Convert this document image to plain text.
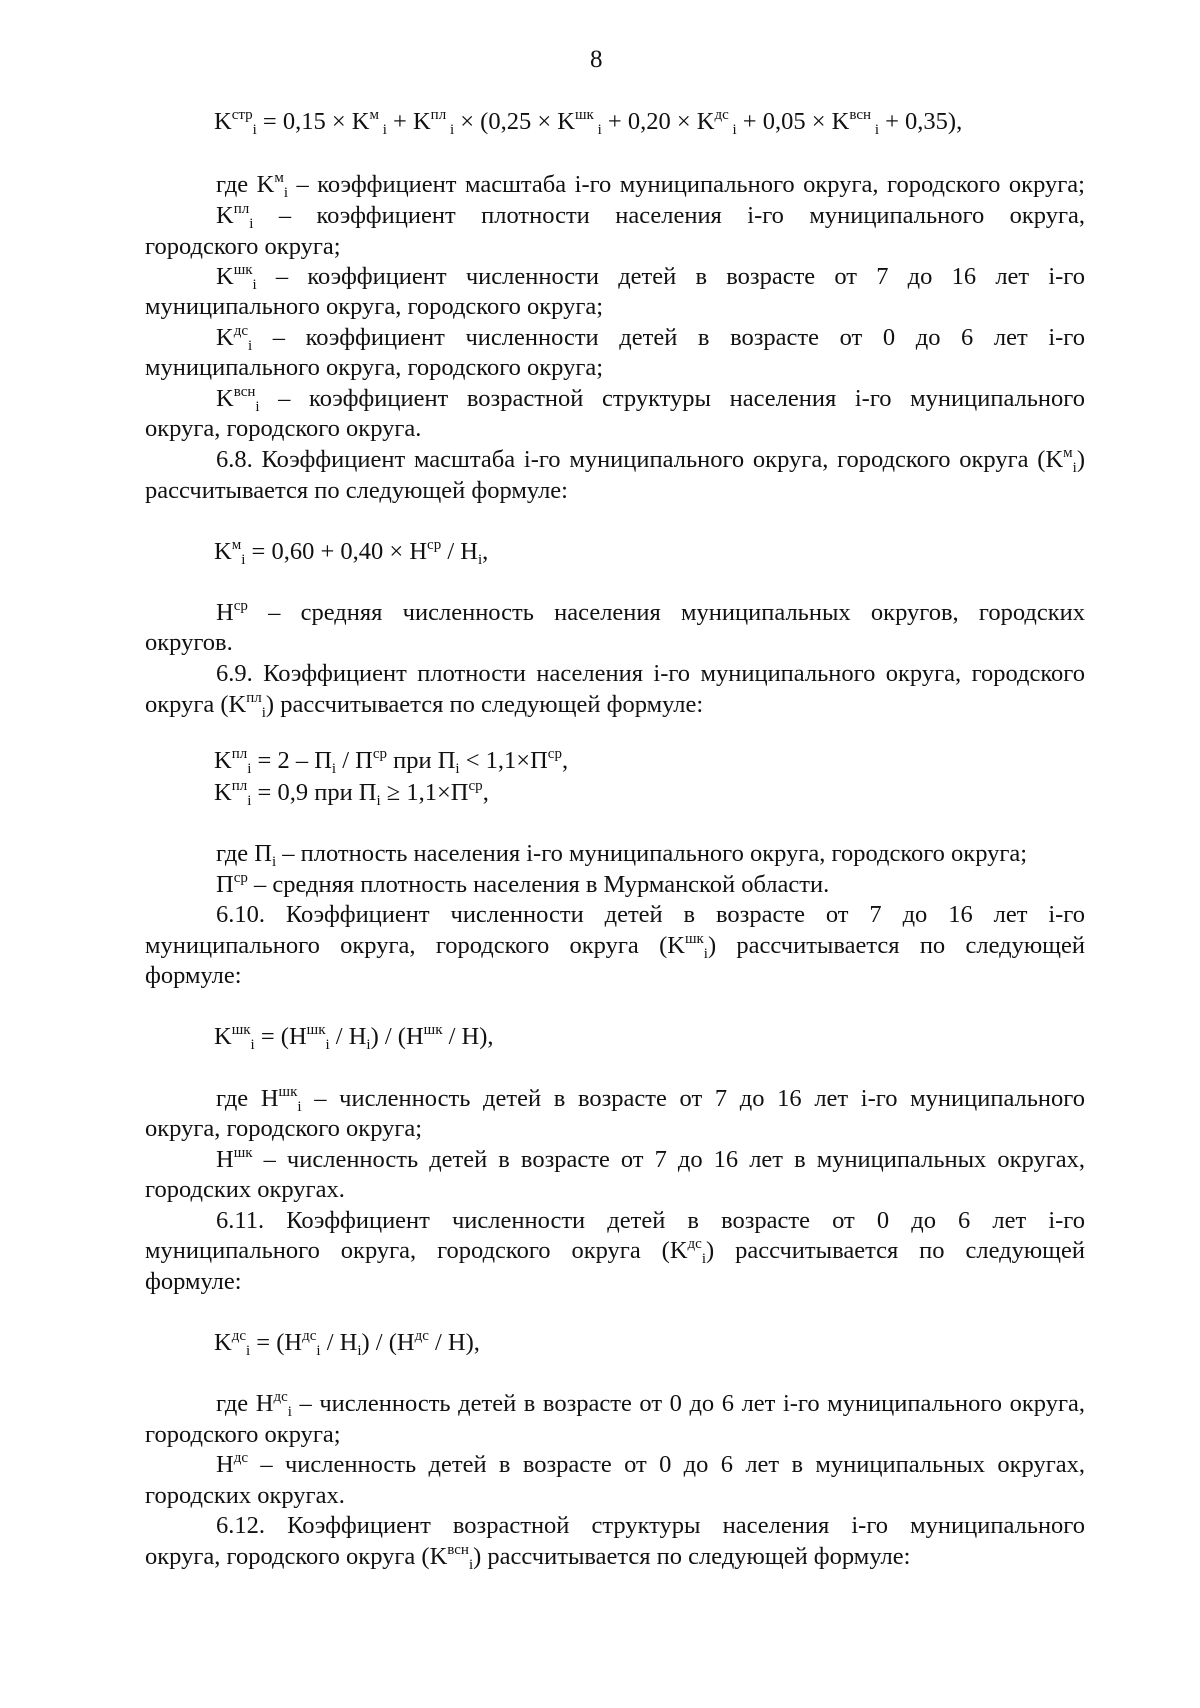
8
$K^{стр}_i = 0,15 \times K^м$ $_i + K^{пл}$ $_i \times (0,25 \times K^{шк}$ $_i + 0,20 \times K^{дс}$ $_i + 0,05 \times K^{всн}$ $_i$ + 0,35),
где $K^м_i$ – коэффициент масштаба i-го муниципального округа, городского округа;
$K^{пл}_i$ – коэффициент плотности населения i-го муниципального округа,
городского округа;
$K^{шк}_i$ – коэффициент численности детей в возрасте от 7 до 16 лет i-го
муниципального округа, городского округа;
$K^{дс}_i$ – коэффициент численности детей в возрасте от 0 до 6 лет i-го
муниципального округа, городского округа;
$K^{всн}_i$ – коэффициент возрастной структуры населения i-го муниципального
округа, городского округа.
6.8. Коэффициент масштаба i-го муниципального округа, городского округа $(K^м_i)$
рассчитывается по следующей формуле:
$K^м_i = 0,60 + 0,40 \times H^{ср} / H_i$,
$H^{ср}$ – средняя численность населения муниципальных округов, городских
округов.
6.9. Коэффициент плотности населения i-го муниципального округа, городского
округа $(K^{пл}_i)$ рассчитывается по следующей формуле:
$K^{пл}_i = 2 - П_i / П^{ср}$ при $П_i < 1,1\times П^{ср}$,
$K^{пл}_i = 0,9$ при $П_i \ge 1,1\times П^{ср}$,
где $П_i$ – плотность населения i-го муниципального округа, городского округа;
$П^{ср}$ – средняя плотность населения в Мурманской области.
6.10. Коэффициент численности детей в возрасте от 7 до 16 лет i-го
муниципального округа, городского округа $(K^{шк}_i)$ рассчитывается по следующей
формуле:
$K^{шк}_i = (H^{шк}_i / H_i) / (H^{шк} / H)$,
где $H^{шк}_i$ – численность детей в возрасте от 7 до 16 лет i-го муниципального
округа, городского округа;
$H^{шк}$ – численность детей в возрасте от 7 до 16 лет в муниципальных округах,
городских округах.
6.11. Коэффициент численности детей в возрасте от 0 до 6 лет i-го
муниципального округа, городского округа $(K^{дс}_i)$ рассчитывается по следующей
формуле:
$K^{дс}_i = (H^{дс}_i / H_i) / (H^{дс} / H)$,
где $H^{дс}_i$ – численность детей в возрасте от 0 до 6 лет i-го муниципального округа,
городского округа;
$H^{дс}$ – численность детей в возрасте от 0 до 6 лет в муниципальных округах,
городских округах.
6.12. Коэффициент возрастной структуры населения i-го муниципального
округа, городского округа $(K^{всн}_i)$ рассчитывается по следующей формуле:
